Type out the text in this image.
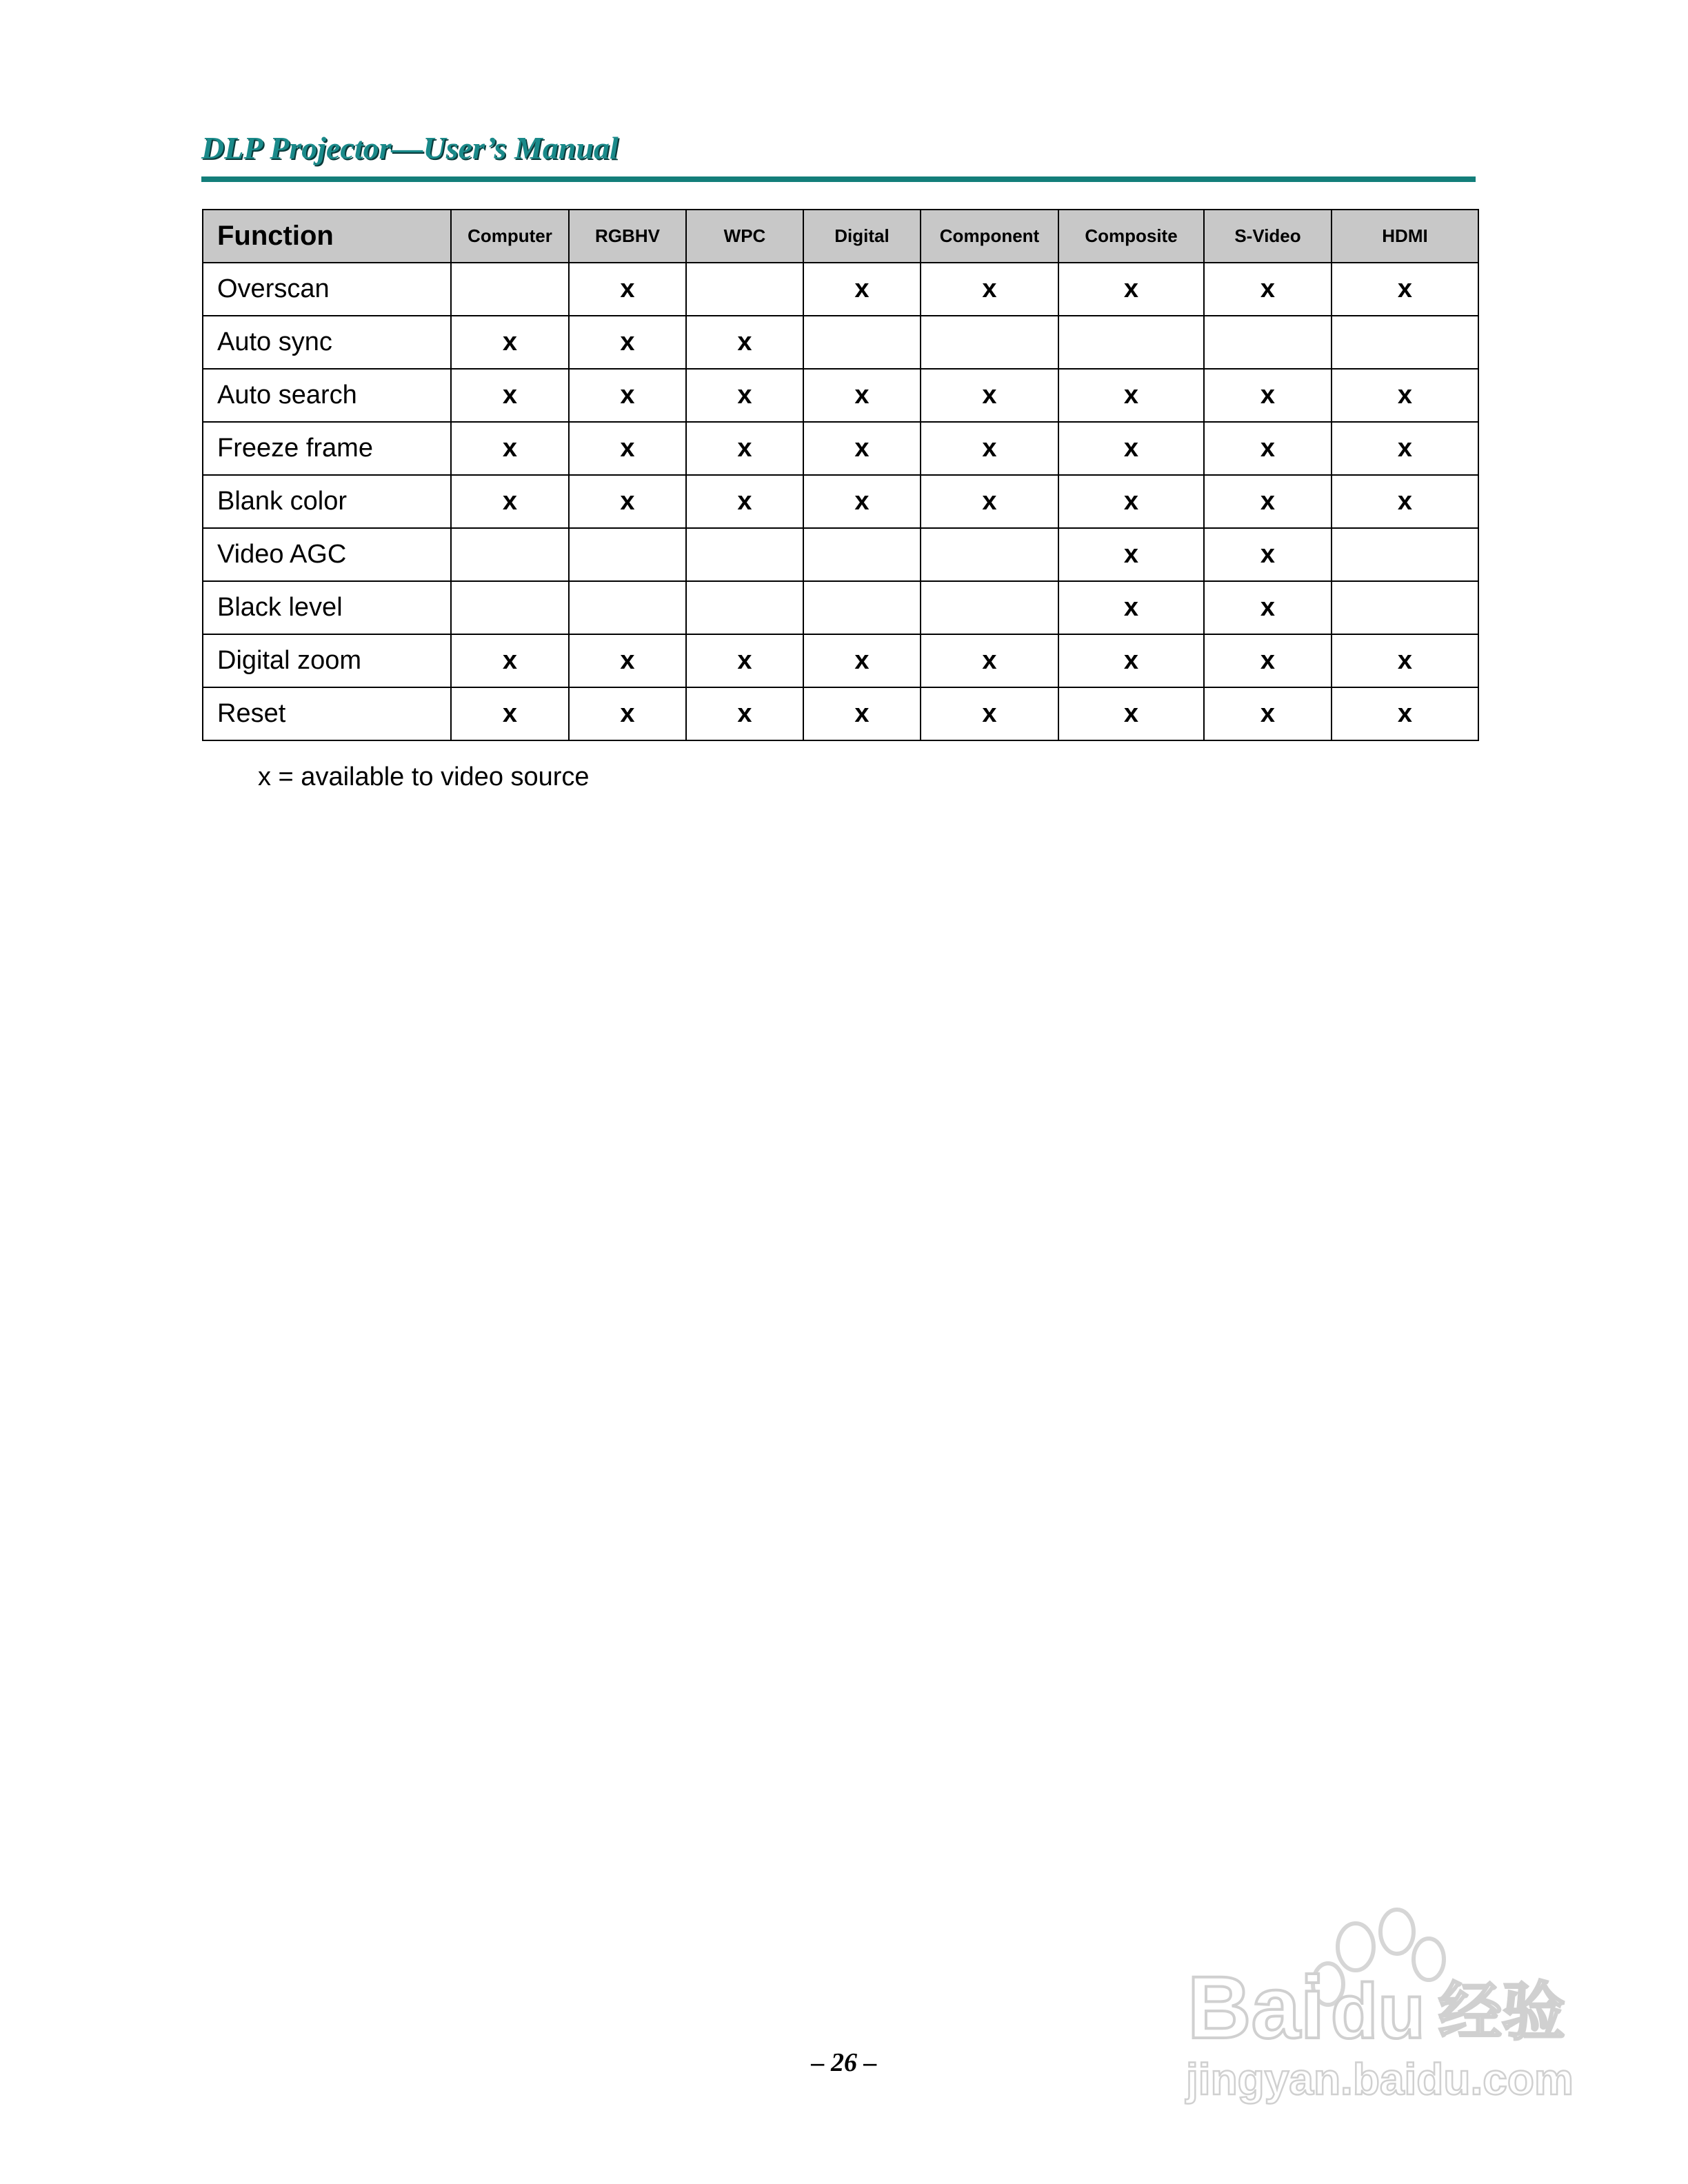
DLP Projector—User’s Manual
Function	Computer	RGBHV	WPC	Digital	Component	Composite	S-Video	HDMI
Overscan		x		x	x	x	x	x
Auto sync	x	x	x					
Auto search	x	x	x	x	x	x	x	x
Freeze frame	x	x	x	x	x	x	x	x
Blank color	x	x	x	x	x	x	x	x
Video AGC						x	x	
Black level						x	x	
Digital zoom	x	x	x	x	x	x	x	x
Reset	x	x	x	x	x	x	x	x
x = available to video source
– 26 –
Bai du 经验
jingyan.baidu.com
